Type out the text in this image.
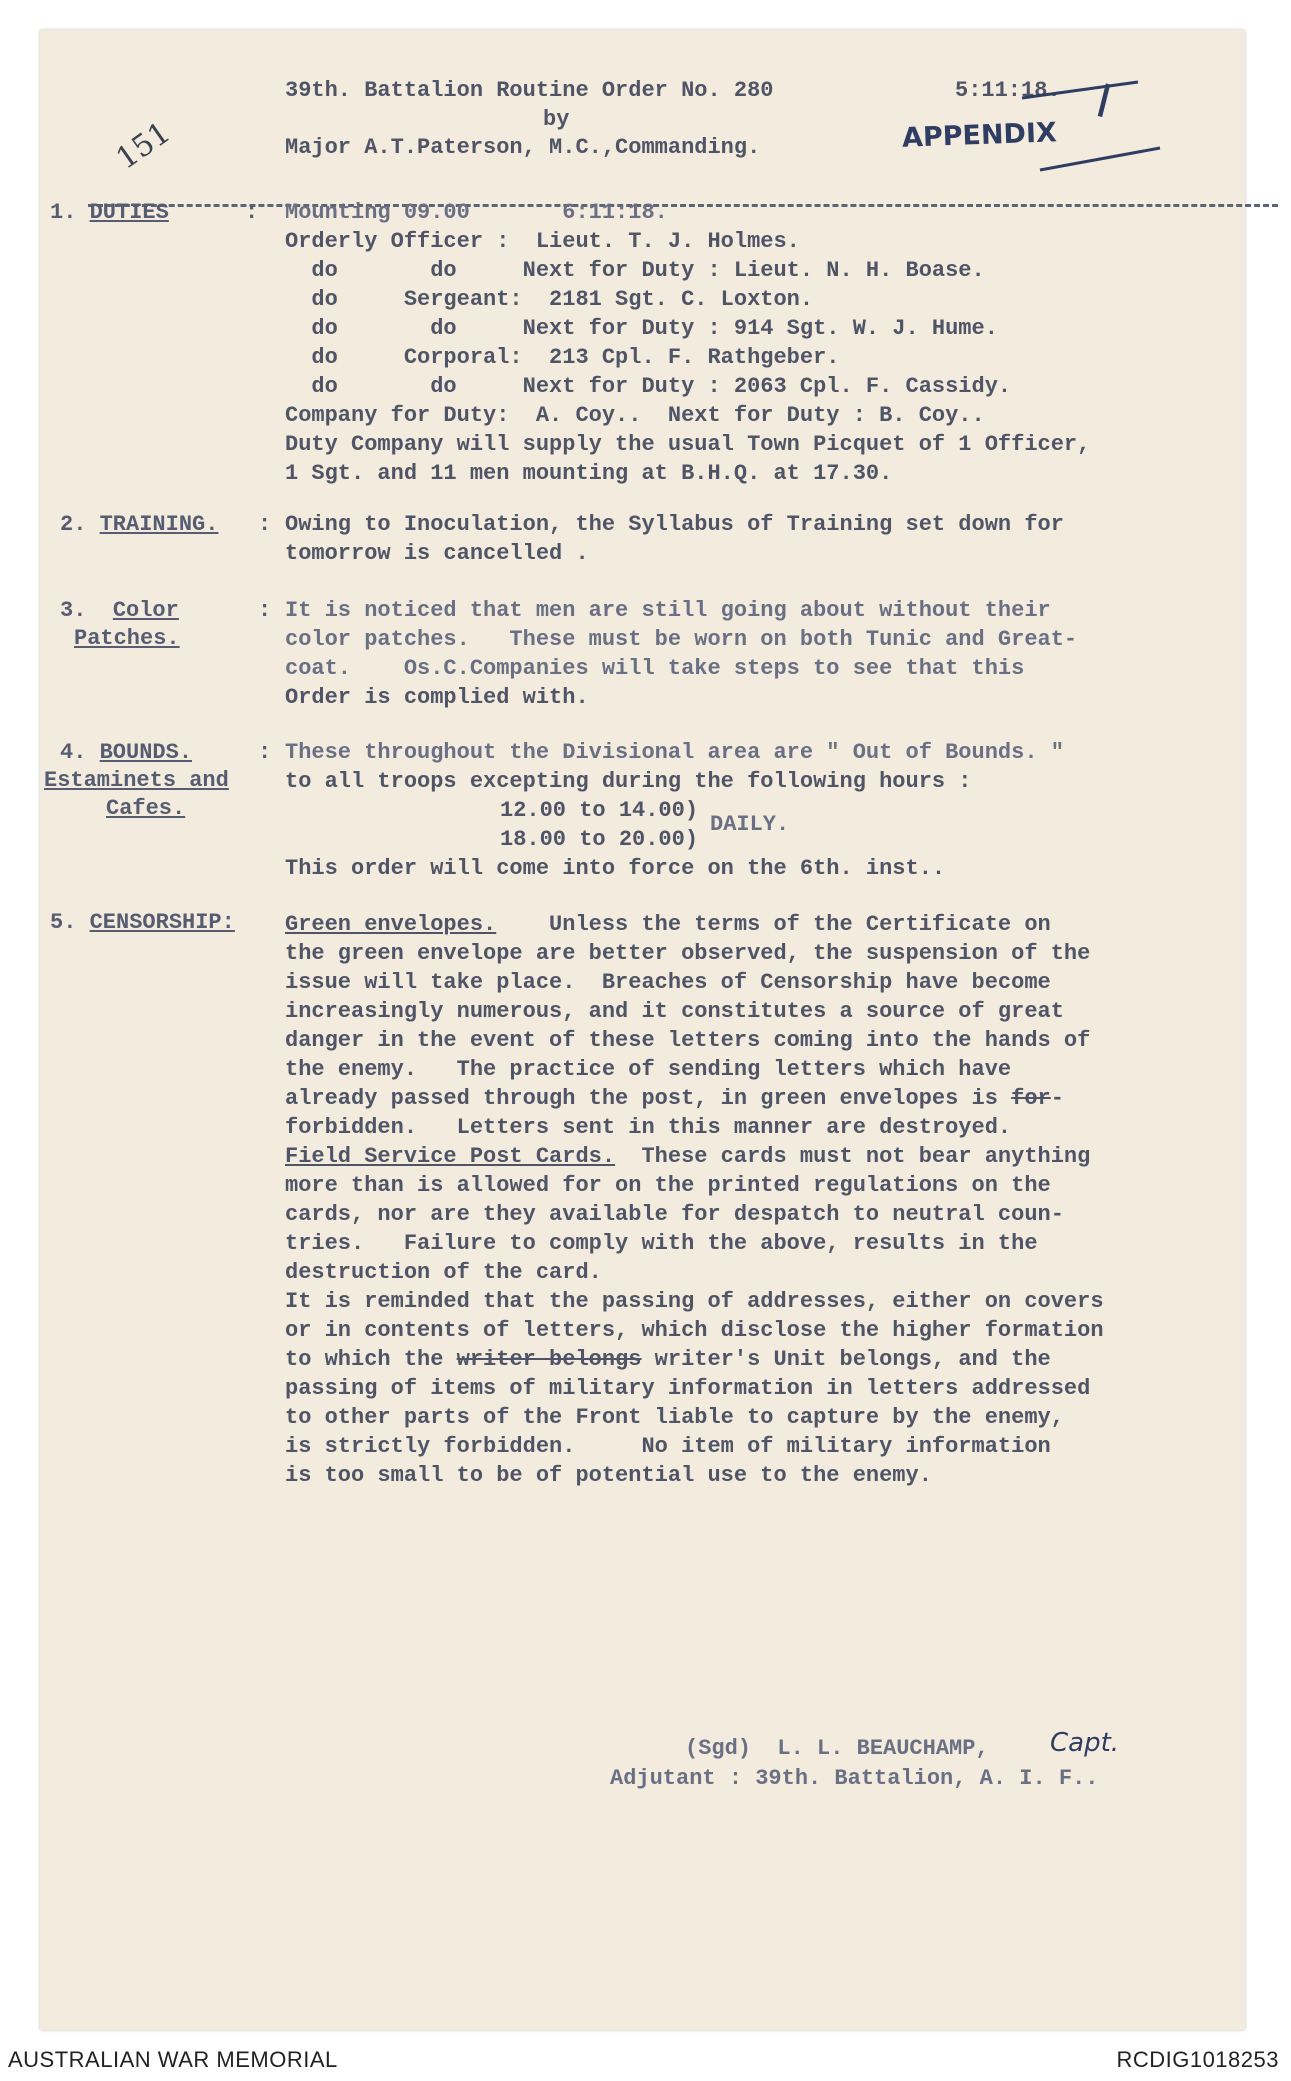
151
39th. Battalion Routine Order No. 280
by
Major A.T.Paterson, M.C.,Commanding.
5:11:18.
APPENDIX
I
1. DUTIES	: Mounting 09.00       6:11:18.
Orderly Officer :  Lieut. T. J. Holmes.
do       do     Next for Duty : Lieut. N. H. Boase.
do     Sergeant:  2181 Sgt. C. Loxton.
do       do     Next for Duty : 914 Sgt. W. J. Hume.
do     Corporal:  213 Cpl. F. Rathgeber.
do       do     Next for Duty : 2063 Cpl. F. Cassidy.
Company for Duty:  A. Coy..  Next for Duty : B. Coy..
Duty Company will supply the usual Town Picquet of 1 Officer,
1 Sgt. and 11 men mounting at B.H.Q. at 17.30.
2. TRAINING. : Owing to Inoculation, the Syllabus of Training set down for
tomorrow is cancelled .
3. Color
Patches.
: It is noticed that men are still going about without their
color patches.   These must be worn on both Tunic and Great-
coat.    Os.C.Companies will take steps to see that this
Order is complied with.
4. BOUNDS.
Estaminets and
Cafes.
: These throughout the Divisional area are " Out of Bounds. "
to all troops excepting during the following hours :
12.00 to 14.00)
18.00 to 20.00)
DAILY.
This order will come into force on the 6th. inst..
5. CENSORSHIP: Green envelopes.    Unless the terms of the Certificate on
the green envelope are better observed, the suspension of the
issue will take place.  Breaches of Censorship have become
increasingly numerous, and it constitutes a source of great
danger in the event of these letters coming into the hands of
the enemy.   The practice of sending letters which have
already passed through the post, in green envelopes is for-
forbidden.   Letters sent in this manner are destroyed.
Field Service Post Cards.  These cards must not bear anything
more than is allowed for on the printed regulations on the
cards, nor are they available for despatch to neutral coun-
tries.   Failure to comply with the above, results in the
destruction of the card.
It is reminded that the passing of addresses, either on covers
or in contents of letters, which disclose the higher formation
to which the writer belongs writer's Unit belongs, and the
passing of items of military information in letters addressed
to other parts of the Front liable to capture by the enemy,
is strictly forbidden.     No item of military information
is too small to be of potential use to the enemy.
(Sgd)  L. L. BEAUCHAMP, Capt.
Adjutant : 39th. Battalion, A. I. F..
AUSTRALIAN WAR MEMORIAL	RCDIG1018253
